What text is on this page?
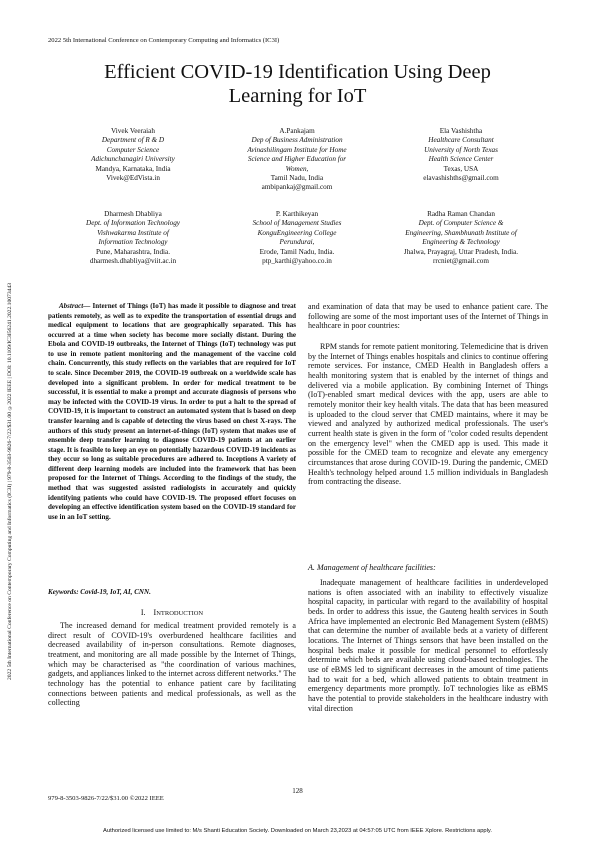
2022 5th International Conference on Contemporary Computing and Informatics (IC3I)
Efficient COVID-19 Identification Using Deep
Learning for IoT
2022 5th International Conference on Contemporary Computing and Informatics (IC3I) | 979-8-3503-9826-7/22/$31.00 ©2022 IEEE | DOI: 10.1109/IC3I56241.2022.10073443
Vivek Veeraiah
Department of R & D
Computer Science
Adichunchanagiri University
Mandya, Karnataka, India
Vivek@EdVista.in
A.Pankajam
Dep of Business Administration
Avinashilingam Institute for Home
Science and Higher Education for
Women,
Tamil Nadu, India
ambipankaj@gmail.com
Ela Vashishtha
Healthcare Consultant
University of North Texas
Health Science Center
Texas, USA
elavashishths@gmail.com
Dharmesh Dhabliya
Dept. of Information Technology
Vishwakarma Institute of
Information Technology
Pune, Maharashtra, India.
dharmesh.dhabliya@viit.ac.in
P. Karthikeyan
School of Management Studies
KonguEngineering College
Perundurai,
Erode, Tamil Nadu, India.
ptp_karthi@yahoo.co.in
Radha Raman Chandan
Dept. of Computer Science &
Engineering, Shambhunath Institute of
Engineering & Technology
Jhalwa, Prayagraj, Uttar Pradesh, India.
rrcniet@gmail.com
Abstract— Internet of Things (IoT) has made it possible to diagnose and treat patients remotely, as well as to expedite the transportation of essential drugs and medical equipment to locations that are geographically separated. This has occurred at a time when society has become more socially distant. During the Ebola and COVID-19 outbreaks, the Internet of Things (IoT) technology was put to use in remote patient monitoring and the management of the vaccine cold chain. Concurrently, this study reflects on the variables that are required for IoT to scale. Since December 2019, the COVID-19 outbreak on a worldwide scale has developed into a significant problem. In order for medical treatment to be successful, it is essential to make a prompt and accurate diagnosis of persons who may be infected with the COVID-19 virus. In order to put a halt to the spread of COVID-19, it is important to construct an automated system that is based on deep transfer learning and is capable of detecting the virus based on chest X-rays. The authors of this study present an internet-of-things (IoT) system that makes use of ensemble deep transfer learning to diagnose COVID-19 patients at an earlier stage. It is feasible to keep an eye on potentially hazardous COVID-19 incidents as they occur so long as suitable procedures are adhered to. Inceptions A variety of different deep learning models are included into the framework that has been proposed for the Internet of Things. According to the findings of the study, the method that was suggested assisted radiologists in accurately and quickly identifying patients who could have COVID-19. The proposed effort focuses on developing an effective identification system based on the COVID-19 standard for use in an IoT setting.
Keywords: Covid-19, IoT, AI, CNN.
I. INTRODUCTION
The increased demand for medical treatment provided remotely is a direct result of COVID-19's overburdened healthcare facilities and decreased availability of in-person consultations. Remote diagnoses, treatment, and monitoring are all made possible by the Internet of Things, which may be characterised as "the coordination of various machines, gadgets, and appliances linked to the internet across different networks." The technology has the potential to enhance patient care by facilitating connections between patients and medical professionals, as well as the collecting
and examination of data that may be used to enhance patient care. The following are some of the most important uses of the Internet of Things in healthcare in poor countries:
RPM stands for remote patient monitoring. Telemedicine that is driven by the Internet of Things enables hospitals and clinics to continue offering remote services. For instance, CMED Health in Bangladesh offers a health monitoring system that is enabled by the internet of things and delivered via a mobile application. By combining Internet of Things (IoT)-enabled smart medical devices with the app, users are able to remotely monitor their key health vitals. The data that has been measured is uploaded to the cloud server that CMED maintains, where it may be viewed and analyzed by authorized medical professionals. The user's current health state is given in the form of "color coded results dependent on the emergency level" when the CMED app is used. This made it possible for the CMED team to recognize and elevate any emergency circumstances that arose during COVID-19. During the pandemic, CMED Health's technology helped around 1.5 million individuals in Bangladesh from contracting the disease.
A. Management of healthcare facilities:
Inadequate management of healthcare facilities in underdeveloped nations is often associated with an inability to effectively visualize hospital capacity, in particular with regard to the availability of hospital beds. In order to address this issue, the Gauteng health services in South Africa have implemented an electronic Bed Management System (eBMS) that can determine the number of available beds at a variety of different locations. The Internet of Things sensors that have been installed on the hospital beds make it possible for medical personnel to effortlessly determine which beds are available using cloud-based technologies. The use of eBMS led to significant decreases in the amount of time patients had to wait for a bed, which allowed patients to obtain treatment in emergency departments more promptly. IoT technologies like as eBMS have the potential to provide stakeholders in the healthcare industry with vital direction
128
979-8-3503-9826-7/22/$31.00 ©2022 IEEE
Authorized licensed use limited to: M/s Shanti Education Society. Downloaded on March 23,2023 at 04:57:05 UTC from IEEE Xplore. Restrictions apply.
